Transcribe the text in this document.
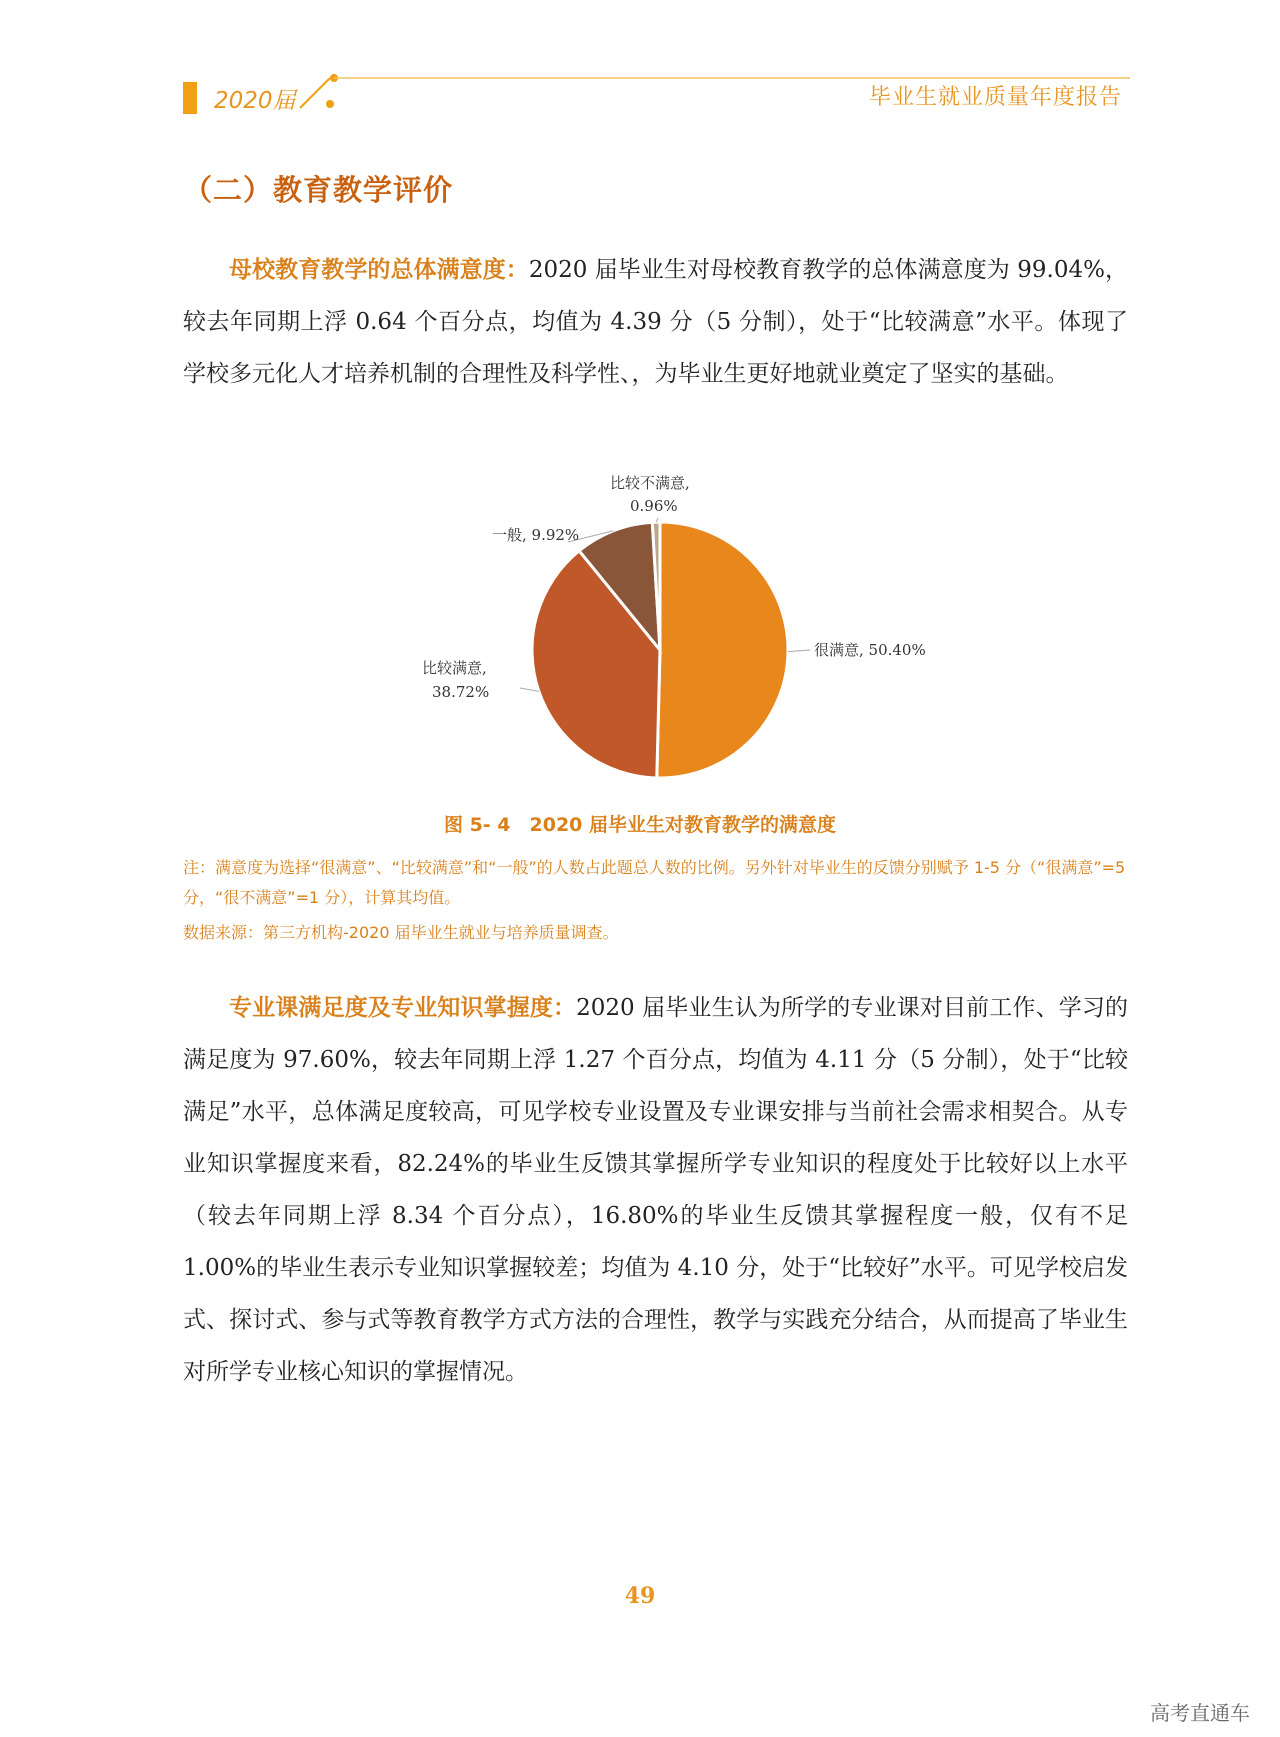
2020届	毕业生就业质量年度报告
（二）教育教学评价

母校教育教学的总体满意度：2020 届毕业生对母校教育教学的总体满意度为 99.04%，较去年同期上浮 0.64 个百分点，均值为 4.39 分（5 分制），处于“比较满意”水平。体现了学校多元化人才培养机制的合理性及科学性、，为毕业生更好地就业奠定了坚实的基础。

很满意, 50.40%
比较满意,
38.72%
一般, 9.92%
比较不满意,
0.96%
图 5- 4　2020 届毕业生对教育教学的满意度
注：满意度为选择“很满意”、“比较满意”和“一般”的人数占此题总人数的比例。另外针对毕业生的反馈分别赋予 1-5 分（“很满意”=5 分，“很不满意”=1 分），计算其均值。
数据来源：第三方机构-2020 届毕业生就业与培养质量调查。

专业课满足度及专业知识掌握度：2020 届毕业生认为所学的专业课对目前工作、学习的满足度为 97.60%，较去年同期上浮 1.27 个百分点，均值为 4.11 分（5 分制），处于“比较满足”水平，总体满足度较高，可见学校专业设置及专业课安排与当前社会需求相契合。从专业知识掌握度来看，82.24%的毕业生反馈其掌握所学专业知识的程度处于比较好以上水平（较去年同期上浮 8.34 个百分点），16.80%的毕业生反馈其掌握程度一般，仅有不足 1.00%的毕业生表示专业知识掌握较差；均值为 4.10 分，处于“比较好”水平。可见学校启发式、探讨式、参与式等教育教学方式方法的合理性，教学与实践充分结合，从而提高了毕业生对所学专业核心知识的掌握情况。

49
高考直通车
